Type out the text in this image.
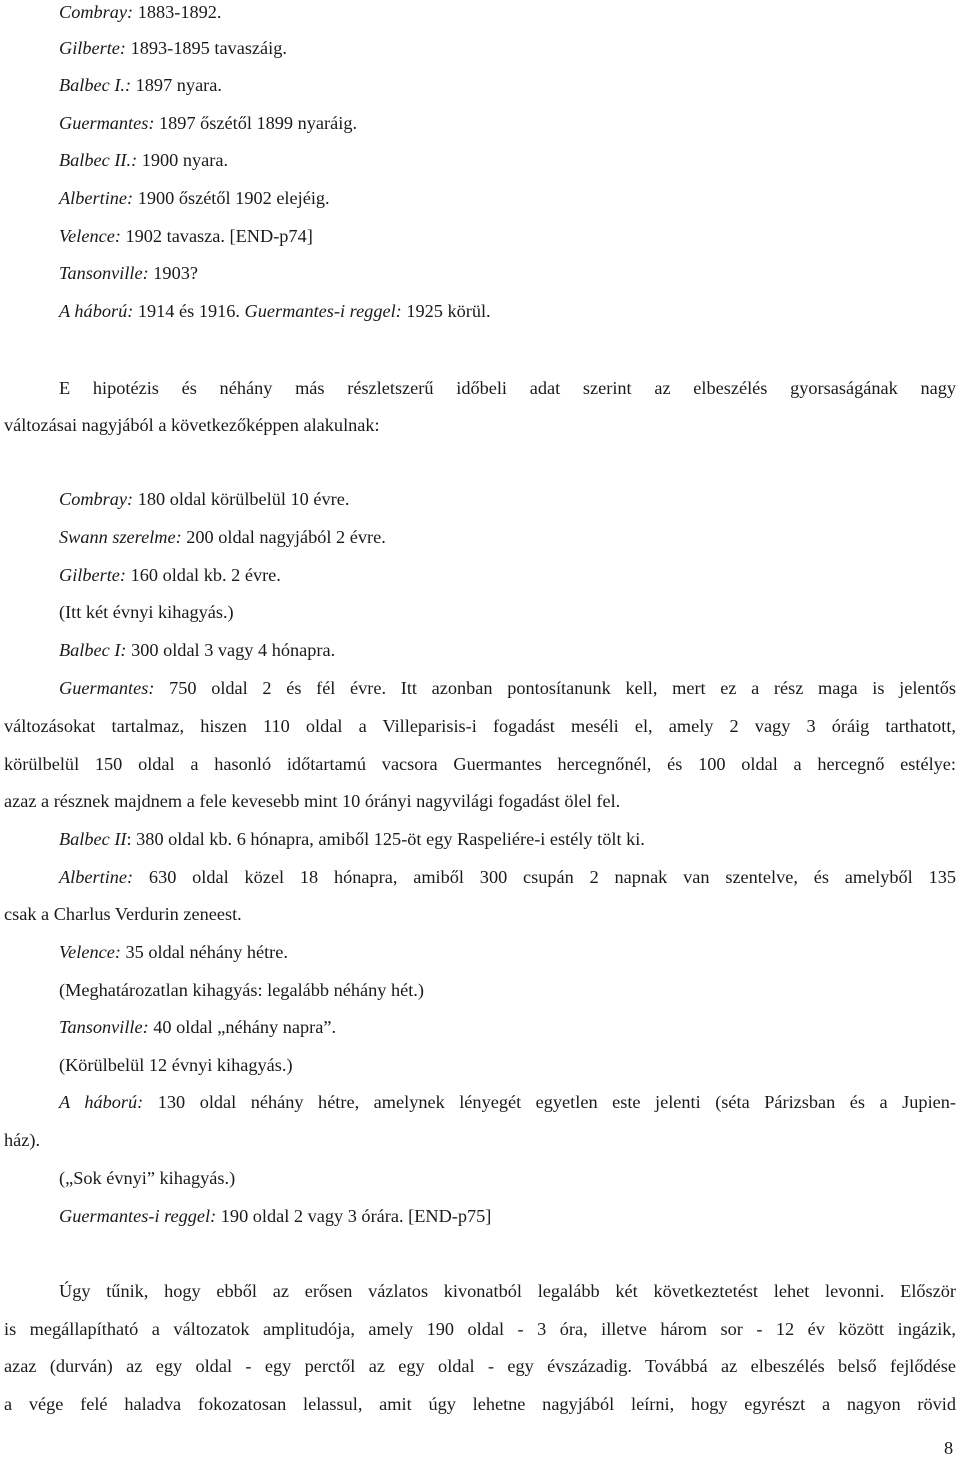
Combray: 1883-1892.
Gilberte: 1893-1895 tavaszáig.
Balbec I.: 1897 nyara.
Guermantes: 1897 őszétől 1899 nyaráig.
Balbec II.: 1900 nyara.
Albertine: 1900 őszétől 1902 elejéig.
Velence: 1902 tavasza. [END-p74]
Tansonville: 1903?
A háború: 1914 és 1916. Guermantes-i reggel: 1925 körül.
E hipotézis és néhány más részletszerű időbeli adat szerint az elbeszélés gyorsaságának nagy
változásai nagyjából a következőképpen alakulnak:
Combray: 180 oldal körülbelül 10 évre.
Swann szerelme: 200 oldal nagyjából 2 évre.
Gilberte: 160 oldal kb. 2 évre.
(Itt két évnyi kihagyás.)
Balbec I: 300 oldal 3 vagy 4 hónapra.
Guermantes: 750 oldal 2 és fél évre. Itt azonban pontosítanunk kell, mert ez a rész maga is jelentős
változásokat tartalmaz, hiszen 110 oldal a Villeparisis-i fogadást meséli el, amely 2 vagy 3 óráig tarthatott,
körülbelül 150 oldal a hasonló időtartamú vacsora Guermantes hercegnőnél, és 100 oldal a hercegnő estélye:
azaz a résznek majdnem a fele kevesebb mint 10 órányi nagyvilági fogadást ölel fel.
Balbec II: 380 oldal kb. 6 hónapra, amiből 125-öt egy Raspeliére-i estély tölt ki.
Albertine: 630 oldal közel 18 hónapra, amiből 300 csupán 2 napnak van szentelve, és amelyből 135
csak a Charlus Verdurin zeneest.
Velence: 35 oldal néhány hétre.
(Meghatározatlan kihagyás: legalább néhány hét.)
Tansonville: 40 oldal „néhány napra”.
(Körülbelül 12 évnyi kihagyás.)
A háború: 130 oldal néhány hétre, amelynek lényegét egyetlen este jelenti (séta Párizsban és a Jupien-
ház).
(„Sok évnyi” kihagyás.)
Guermantes-i reggel: 190 oldal 2 vagy 3 órára. [END-p75]
Úgy tűnik, hogy ebből az erősen vázlatos kivonatból legalább két következtetést lehet levonni. Először
is megállapítható a változatok amplitudója, amely 190 oldal - 3 óra, illetve három sor - 12 év között ingázik,
azaz (durván) az egy oldal - egy perctől az egy oldal - egy évszázadig. Továbbá az elbeszélés belső fejlődése
a vége felé haladva fokozatosan lelassul, amit úgy lehetne nagyjából leírni, hogy egyrészt a nagyon rövid
8
